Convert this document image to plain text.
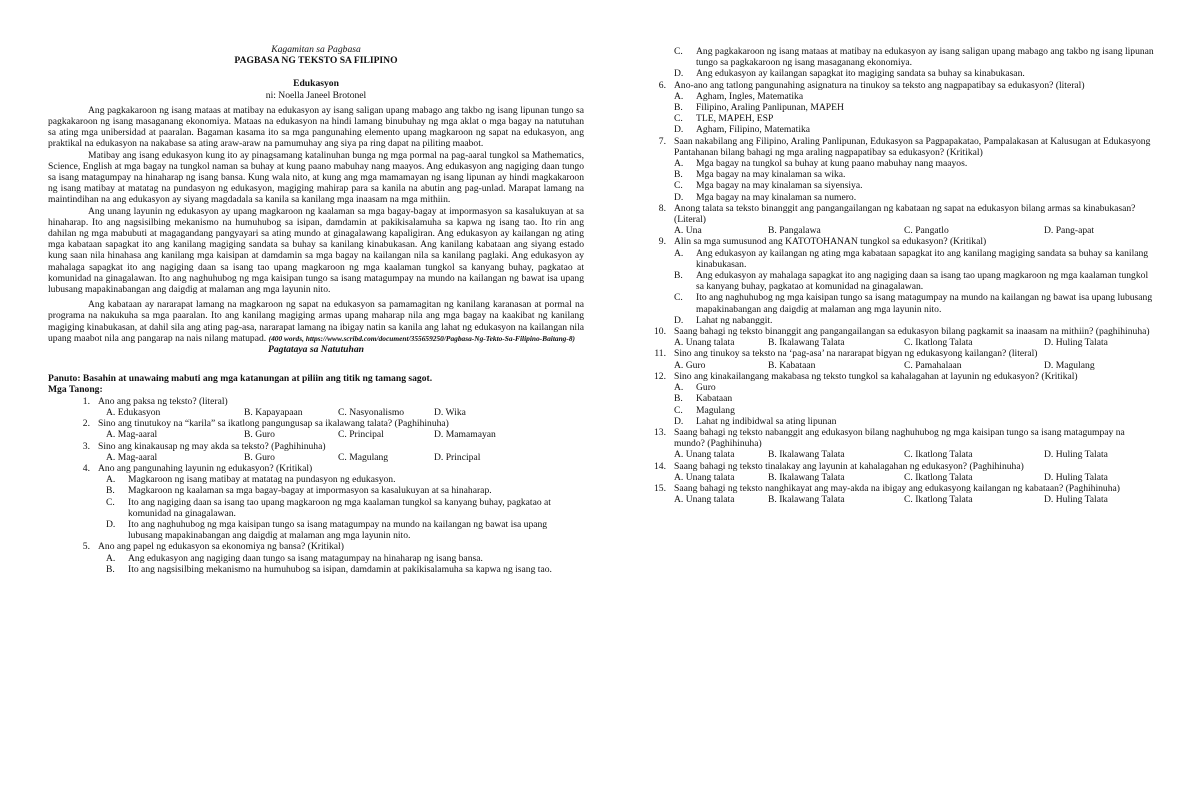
Kagamitan sa Pagbasa

PAGBASA NG TEKSTO SA FILIPINO

Edukasyon

ni: Noella Janeel Brotonel

Ang pagkakaroon ng isang mataas at matibay na edukasyon ay isang saligan upang mabago ang takbo ng isang lipunan tungo sa pagkakaroon ng isang masaganang ekonomiya. Mataas na edukasyon na hindi lamang binubuhay ng mga aklat o mga bagay na natutuhan sa ating mga unibersidad at paaralan. Bagaman kasama ito sa mga pangunahing elemento upang magkaroon ng sapat na edukasyon, ang praktikal na edukasyon na nakabase sa ating araw-araw na pamumuhay ang siya pa ring dapat na piliting maabot.

Matibay ang isang edukasyon kung ito ay pinagsamang katalinuhan bunga ng mga pormal na pag-aaral tungkol sa Mathematics, Science, English at mga bagay na tungkol naman sa buhay at kung paano mabuhay nang maayos. Ang edukasyon ang nagiging daan tungo sa isang matagumpay na hinaharap ng isang bansa. Kung wala nito, at kung ang mga mamamayan ng isang lipunan ay hindi magkakaroon ng isang matibay at matatag na pundasyon ng edukasyon, magiging mahirap para sa kanila na abutin ang pag-unlad. Marapat lamang na maintindihan na ang edukasyon ay siyang magdadala sa kanila sa kanilang mga inaasam na mga mithiin.

Ang unang layunin ng edukasyon ay upang magkaroon ng kaalaman sa mga bagay-bagay at impormasyon sa kasalukuyan at sa hinaharap. Ito ang nagsisilbing mekanismo na humuhubog sa isipan, damdamin at pakikisalamuha sa kapwa ng isang tao. Ito rin ang dahilan ng mga mabubuti at magagandang pangyayari sa ating mundo at ginagalawang kapaligiran. Ang edukasyon ay kailangan ng ating mga kabataan sapagkat ito ang kanilang magiging sandata sa buhay sa kanilang kinabukasan. Ang kanilang kabataan ang siyang estado kung saan nila hinahasa ang kanilang mga kaisipan at damdamin sa mga bagay na kailangan nila sa kanilang paglaki. Ang edukasyon ay mahalaga sapagkat ito ang nagiging daan sa isang tao upang magkaroon ng mga kaalaman tungkol sa kanyang buhay, pagkatao at komunidad na ginagalawan. Ito ang naghuhubog ng mga kaisipan tungo sa isang matagumpay na mundo na kailangan ng bawat isa upang lubusang mapakinabangan ang daigdig at malaman ang mga layunin nito.

Ang kabataan ay nararapat lamang na magkaroon ng sapat na edukasyon sa pamamagitan ng kanilang karanasan at pormal na programa na nakukuha sa mga paaralan. Ito ang kanilang magiging armas upang maharap nila ang mga bagay na kaakibat ng kanilang magiging kinabukasan, at dahil sila ang ating pag-asa, nararapat lamang na ibigay natin sa kanila ang lahat ng edukasyon na kailangan nila upang maabot nila ang pangarap na nais nilang matupad. (400 words, https://www.scribd.com/document/355659250/Pagbasa-Ng-Tekto-Sa-Filipino-Baitang-8)

Pagtataya sa Natutuhan

Panuto: Basahin at unawaing mabuti ang mga katanungan at piliin ang titik ng tamang sagot.

Mga Tanong:

1. Ano ang paksa ng teksto? (literal)
A. Edukasyon	B. Kapayapaan	C. Nasyonalismo	D. Wika
2. Sino ang tinutukoy na “karila” sa ikatlong pangungusap sa ikalawang talata? (Paghihinuha)
A. Mag-aaral	B. Guro	C. Principal	D. Mamamayan
3. Sino ang kinakausap ng may akda sa teksto? (Paghihinuha)
A. Mag-aaral	B. Guro	C. Magulang	D. Principal
4. Ano ang pangunahing layunin ng edukasyon? (Kritikal)
A.	Magkaroon ng isang matibay at matatag na pundasyon ng edukasyon.
B.	Magkaroon ng kaalaman sa mga bagay-bagay at impormasyon sa kasalukuyan at sa hinaharap.
C.	Ito ang nagiging daan sa isang tao upang magkaroon ng mga kaalaman tungkol sa kanyang buhay, pagkatao at komunidad na ginagalawan.
D.	Ito ang naghuhubog ng mga kaisipan tungo sa isang matagumpay na mundo na kailangan ng bawat isa upang lubusang mapakinabangan ang daigdig at malaman ang mga layunin nito.
5. Ano ang papel ng edukasyon sa ekonomiya ng bansa? (Kritikal)
A.	Ang edukasyon ang nagiging daan tungo sa isang matagumpay na hinaharap ng isang bansa.
B.	Ito ang nagsisilbing mekanismo na humuhubog sa isipan, damdamin at pakikisalamuha sa kapwa ng isang tao.
C.	Ang pagkakaroon ng isang mataas at matibay na edukasyon ay isang saligan upang mabago ang takbo ng isang lipunan tungo sa pagkakaroon ng isang masaganang ekonomiya.
D.	Ang edukasyon ay kailangan sapagkat ito magiging sandata sa buhay sa kinabukasan.
6. Ano-ano ang tatlong pangunahing asignatura na tinukoy sa teksto ang nagpapatibay sa edukasyon? (literal)
A.	Agham, Ingles, Matematika
B.	Filipino, Araling Panlipunan, MAPEH
C.	TLE, MAPEH, ESP
D.	Agham, Filipino, Matematika
7. Saan nakabilang ang Filipino, Araling Panlipunan, Edukasyon sa Pagpapakatao, Pampalakasan at Kalusugan at Edukasyong Pantahanan bilang bahagi ng mga araling nagpapatibay sa edukasyon? (Kritikal)
A.	Mga bagay na tungkol sa buhay at kung paano mabuhay nang maayos.
B.	Mga bagay na may kinalaman sa wika.
C.	Mga bagay na may kinalaman sa siyensiya.
D.	Mga bagay na may kinalaman sa numero.
8. Anong talata sa teksto binanggit ang pangangailangan ng kabataan ng sapat na edukasyon bilang armas sa kinabukasan? (Literal)
A. Una	B. Pangalawa	C. Pangatlo	D. Pang-apat
9. Alin sa mga sumusunod ang KATOTOHANAN tungkol sa edukasyon? (Kritikal)
A.	Ang edukasyon ay kailangan ng ating mga kabataan sapagkat ito ang kanilang magiging sandata sa buhay sa kanilang kinabukasan.
B.	Ang edukasyon ay mahalaga sapagkat ito ang nagiging daan sa isang tao upang magkaroon ng mga kaalaman tungkol sa kanyang buhay, pagkatao at komunidad na ginagalawan.
C.	Ito ang naghuhubog ng mga kaisipan tungo sa isang matagumpay na mundo na kailangan ng bawat isa upang lubusang mapakinabangan ang daigdig at malaman ang mga layunin nito.
D.	Lahat ng nabanggit.
10. Saang bahagi ng teksto binanggit ang pangangailangan sa edukasyon bilang pagkamit sa inaasam na mithiin? (paghihinuha)
A. Unang talata	B. Ikalawang Talata	C. Ikatlong Talata	D. Huling Talata
11. Sino ang tinukoy sa teksto na ‘pag-asa’ na nararapat bigyan ng edukasyong kailangan? (literal)
A. Guro	B. Kabataan	C. Pamahalaan	D. Magulang
12. Sino ang kinakailangang makabasa ng teksto tungkol sa kahalagahan at layunin ng edukasyon? (Kritikal)
A.	Guro
B.	Kabataan
C.	Magulang
D.	Lahat ng indibidwal sa ating lipunan
13. Saang bahagi ng teksto nabanggit ang edukasyon bilang naghuhubog ng mga kaisipan tungo sa isang matagumpay na mundo? (Paghihinuha)
A. Unang talata	B. Ikalawang Talata	C. Ikatlong Talata	D. Huling Talata
14. Saang bahagi ng teksto tinalakay ang layunin at kahalagahan ng edukasyon? (Paghihinuha)
A. Unang talata	B. Ikalawang Talata	C. Ikatlong Talata	D. Huling Talata
15. Saang bahagi ng teksto nanghikayat ang may-akda na ibigay ang edukasyong kailangan ng kabataan? (Paghihinuha)
A. Unang talata	B. Ikalawang Talata	C. Ikatlong Talata	D. Huling Talata
